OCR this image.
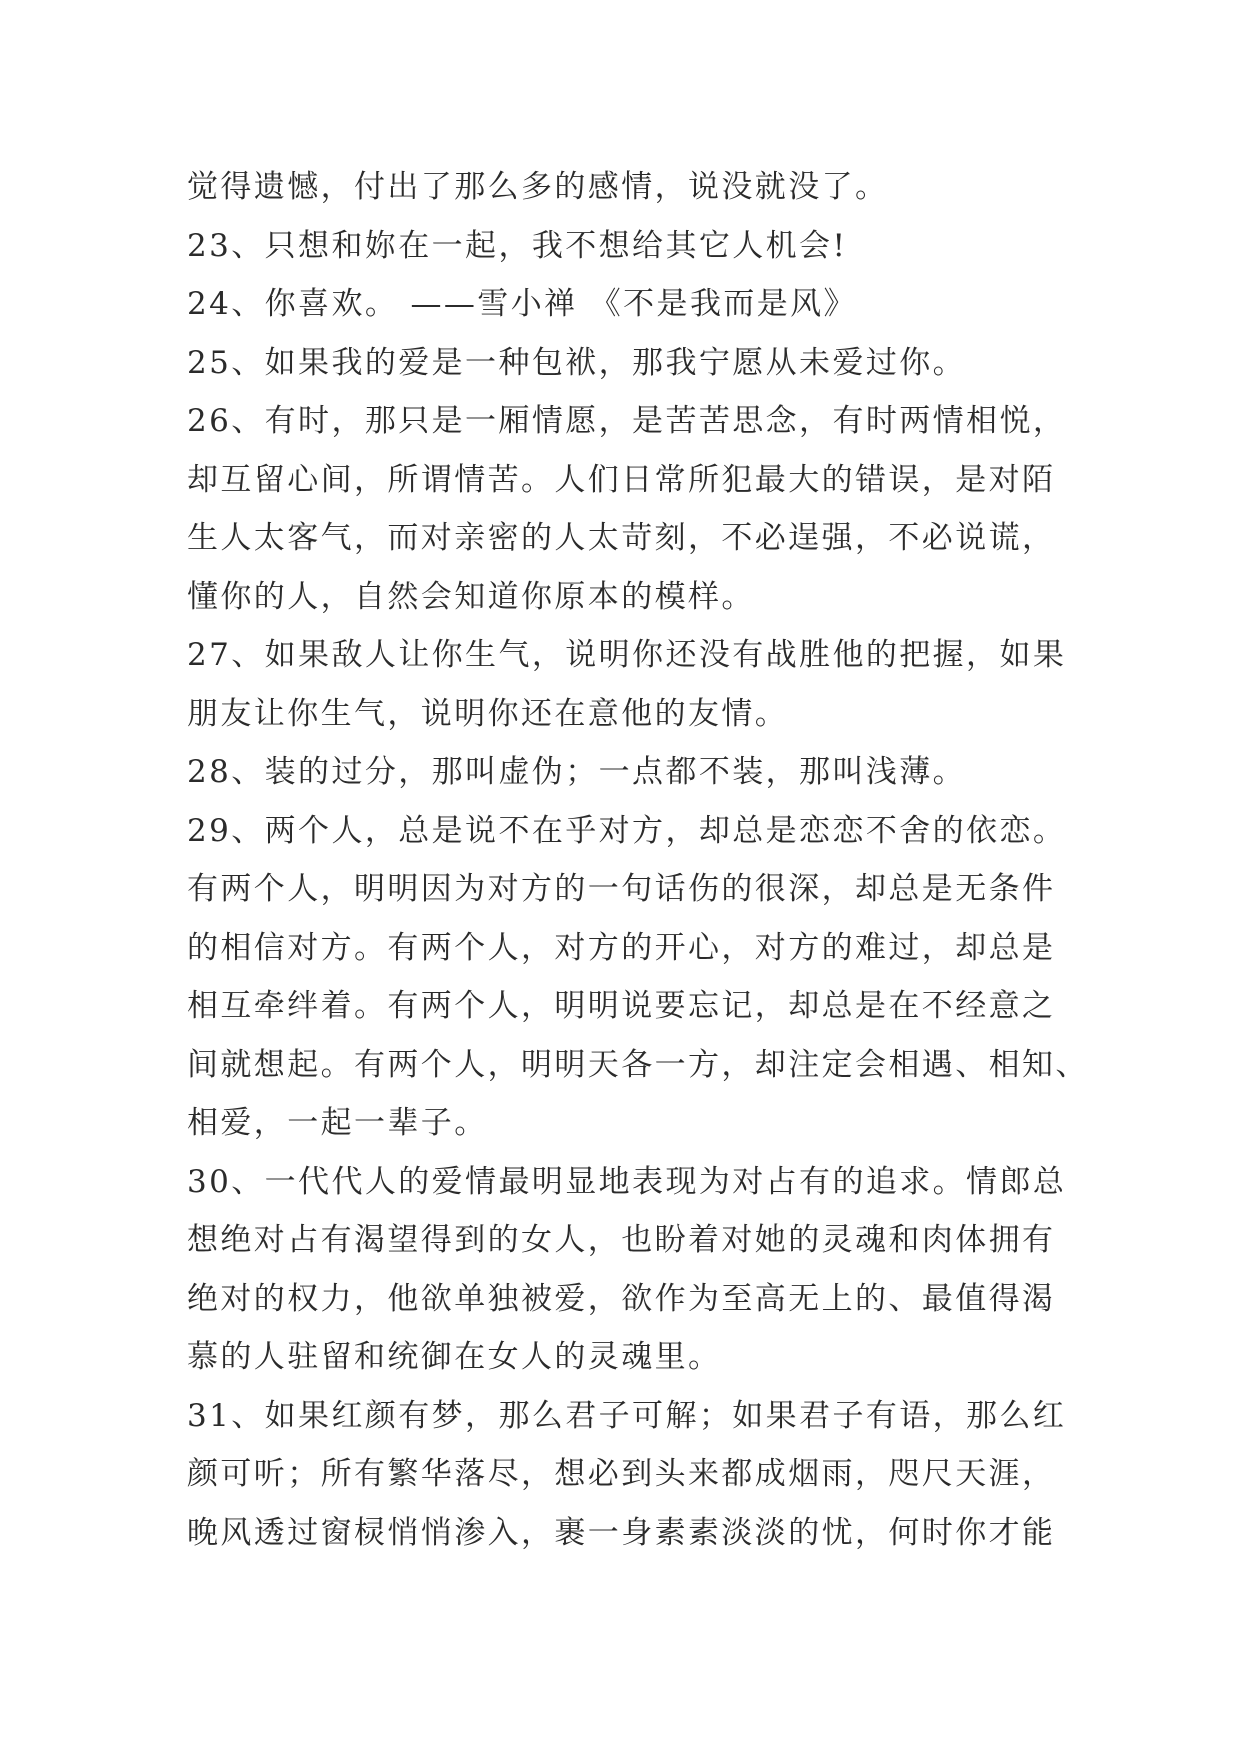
觉得遗憾，付出了那么多的感情，说没就没了。
23、只想和妳在一起，我不想给其它人机会!
24、你喜欢。 ——雪小禅 《不是我而是风》
25、如果我的爱是一种包袱，那我宁愿从未爱过你。
26、有时，那只是一厢情愿，是苦苦思念，有时两情相悦，
却互留心间，所谓情苦。人们日常所犯最大的错误，是对陌
生人太客气，而对亲密的人太苛刻，不必逞强，不必说谎，
懂你的人，自然会知道你原本的模样。
27、如果敌人让你生气，说明你还没有战胜他的把握，如果
朋友让你生气，说明你还在意他的友情。
28、装的过分，那叫虚伪；一点都不装，那叫浅薄。
29、两个人，总是说不在乎对方，却总是恋恋不舍的依恋。
有两个人，明明因为对方的一句话伤的很深，却总是无条件
的相信对方。有两个人，对方的开心，对方的难过，却总是
相互牵绊着。有两个人，明明说要忘记，却总是在不经意之
间就想起。有两个人，明明天各一方，却注定会相遇、相知、
相爱，一起一辈子。
30、一代代人的爱情最明显地表现为对占有的追求。情郎总
想绝对占有渴望得到的女人，也盼着对她的灵魂和肉体拥有
绝对的权力，他欲单独被爱，欲作为至高无上的、最值得渴
慕的人驻留和统御在女人的灵魂里。
31、如果红颜有梦，那么君子可解；如果君子有语，那么红
颜可听；所有繁华落尽，想必到头来都成烟雨，咫尺天涯，
晚风透过窗棂悄悄渗入，裹一身素素淡淡的忧，何时你才能
